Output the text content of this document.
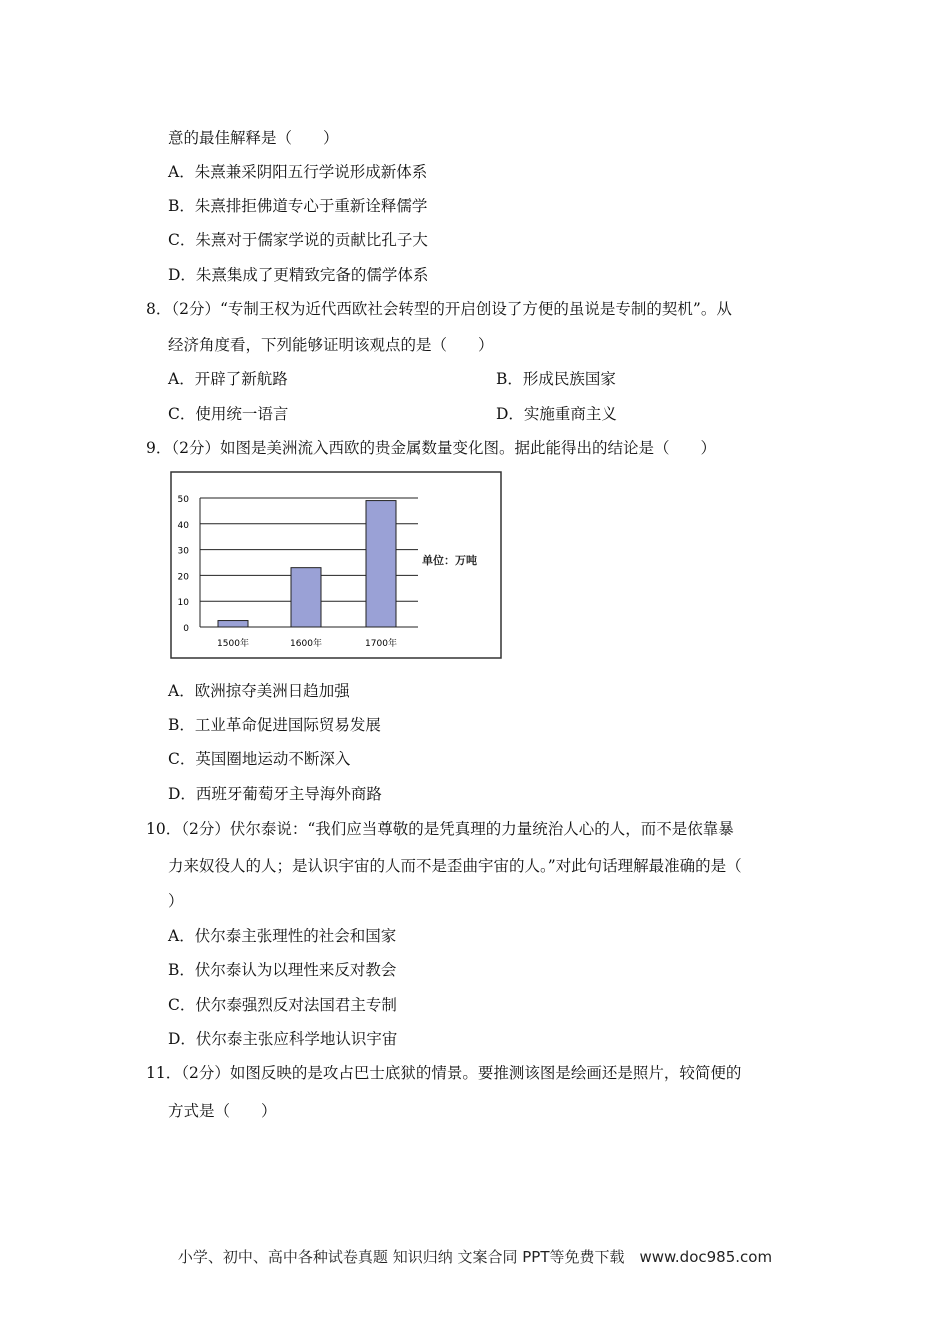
意的最佳解释是（　　）
A．朱熹兼采阴阳五行学说形成新体系
B．朱熹排拒佛道专心于重新诠释儒学
C．朱熹对于儒家学说的贡献比孔子大
D．朱熹集成了更精致完备的儒学体系
8．（2分）“专制王权为近代西欧社会转型的开启创设了方便的虽说是专制的契机”。从
经济角度看，下列能够证明该观点的是（　　）
A．开辟了新航路	B．形成民族国家
C．使用统一语言	D．实施重商主义
9．（2分）如图是美洲流入西欧的贵金属数量变化图。据此能得出的结论是（　　）
0
10
20
30
40
50
1500年	1600年	1700年
单位：万吨
A．欧洲掠夺美洲日趋加强
B．工业革命促进国际贸易发展
C．英国圈地运动不断深入
D．西班牙葡萄牙主导海外商路
10．（2分）伏尔泰说：“我们应当尊敬的是凭真理的力量统治人心的人，而不是依靠暴
力来奴役人的人；是认识宇宙的人而不是歪曲宇宙的人。”对此句话理解最准确的是（
）
A．伏尔泰主张理性的社会和国家
B．伏尔泰认为以理性来反对教会
C．伏尔泰强烈反对法国君主专制
D．伏尔泰主张应科学地认识宇宙
11．（2分）如图反映的是攻占巴士底狱的情景。要推测该图是绘画还是照片，较简便的
方式是（　　）
小学、初中、高中各种试卷真题 知识归纳 文案合同 PPT等免费下载　www.doc985.com
